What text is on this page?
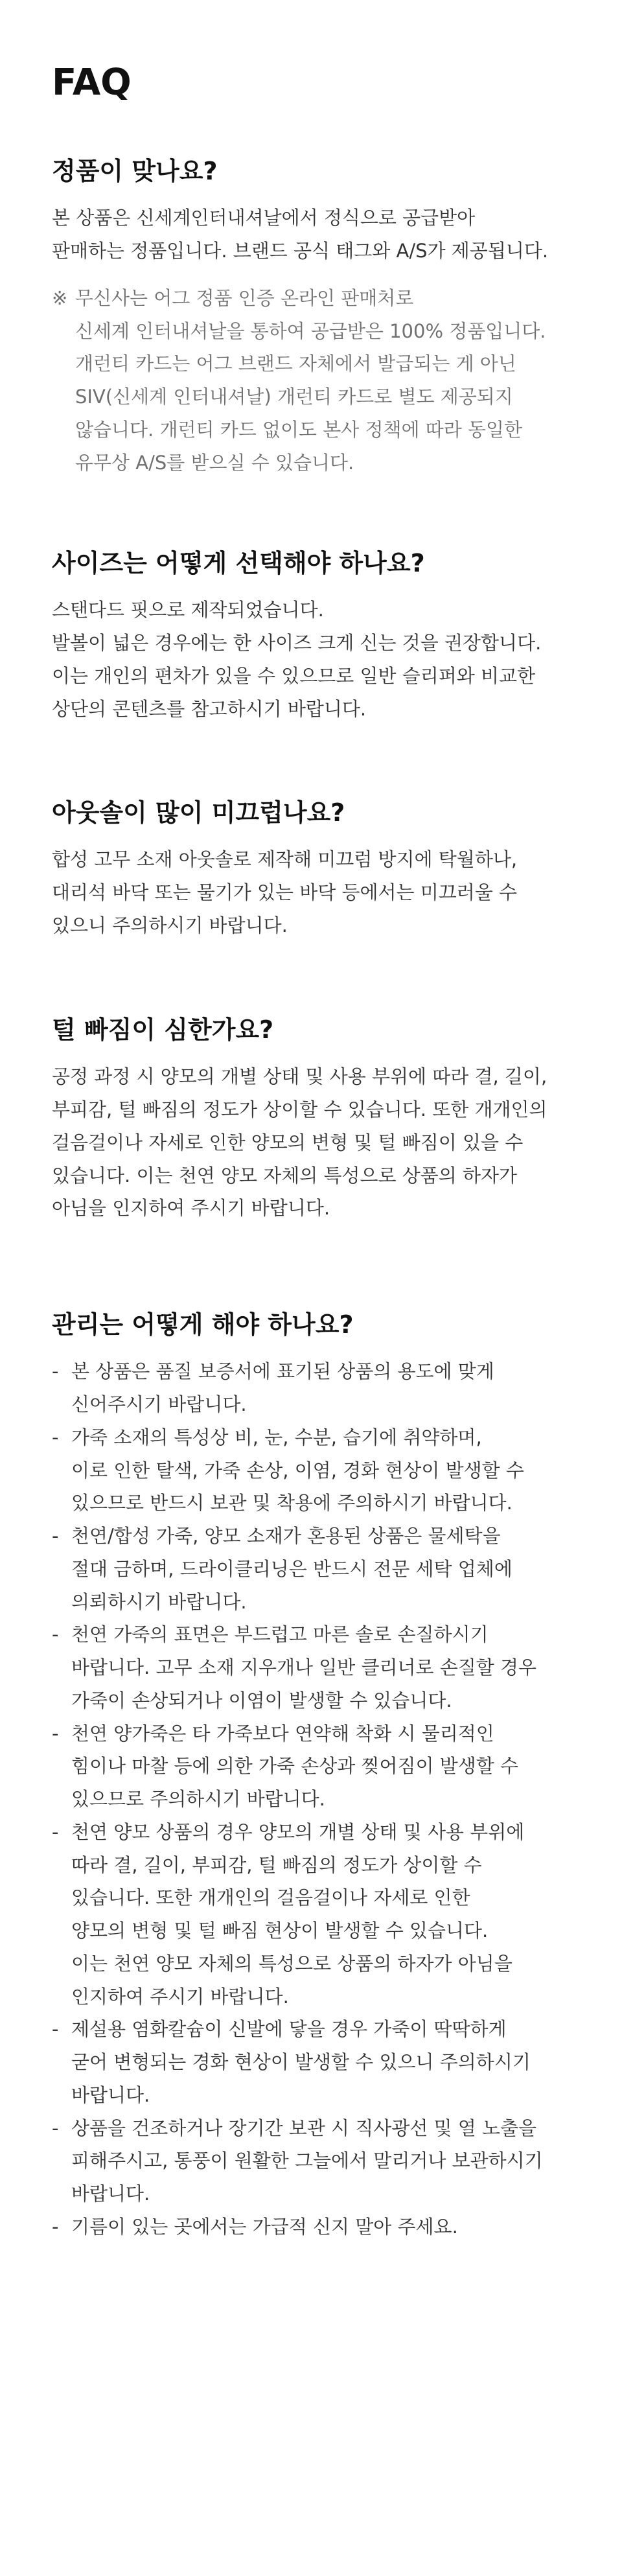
FAQ
정품이 맞나요?

본 상품은 신세계인터내셔날에서 정식으로 공급받아
판매하는 정품입니다. 브랜드 공식 태그와 A/S가 제공됩니다.

※ 무신사는 어그 정품 인증 온라인 판매처로
신세계 인터내셔날을 통하여 공급받은 100% 정품입니다.
개런티 카드는 어그 브랜드 자체에서 발급되는 게 아닌
SIV(신세계 인터내셔날) 개런티 카드로 별도 제공되지
않습니다. 개런티 카드 없이도 본사 정책에 따라 동일한
유무상 A/S를 받으실 수 있습니다.
사이즈는 어떻게 선택해야 하나요?

스탠다드 핏으로 제작되었습니다.
발볼이 넓은 경우에는 한 사이즈 크게 신는 것을 권장합니다.
이는 개인의 편차가 있을 수 있으므로 일반 슬리퍼와 비교한
상단의 콘텐츠를 참고하시기 바랍니다.

아웃솔이 많이 미끄럽나요?

합성 고무 소재 아웃솔로 제작해 미끄럼 방지에 탁월하나,
대리석 바닥 또는 물기가 있는 바닥 등에서는 미끄러울 수
있으니 주의하시기 바랍니다.

털 빠짐이 심한가요?

공정 과정 시 양모의 개별 상태 및 사용 부위에 따라 결, 길이,
부피감, 털 빠짐의 정도가 상이할 수 있습니다. 또한 개개인의
걸음걸이나 자세로 인한 양모의 변형 및 털 빠짐이 있을 수
있습니다. 이는 천연 양모 자체의 특성으로 상품의 하자가
아님을 인지하여 주시기 바랍니다.

관리는 어떻게 해야 하나요?
- 본 상품은 품질 보증서에 표기된 상품의 용도에 맞게
신어주시기 바랍니다.
- 가죽 소재의 특성상 비, 눈, 수분, 습기에 취약하며,
이로 인한 탈색, 가죽 손상, 이염, 경화 현상이 발생할 수
있으므로 반드시 보관 및 착용에 주의하시기 바랍니다.
- 천연/합성 가죽, 양모 소재가 혼용된 상품은 물세탁을
절대 금하며, 드라이클리닝은 반드시 전문 세탁 업체에
의뢰하시기 바랍니다.
- 천연 가죽의 표면은 부드럽고 마른 솔로 손질하시기
바랍니다. 고무 소재 지우개나 일반 클리너로 손질할 경우
가죽이 손상되거나 이염이 발생할 수 있습니다.
- 천연 양가죽은 타 가죽보다 연약해 착화 시 물리적인
힘이나 마찰 등에 의한 가죽 손상과 찢어짐이 발생할 수
있으므로 주의하시기 바랍니다.
- 천연 양모 상품의 경우 양모의 개별 상태 및 사용 부위에
따라 결, 길이, 부피감, 털 빠짐의 정도가 상이할 수
있습니다. 또한 개개인의 걸음걸이나 자세로 인한
양모의 변형 및 털 빠짐 현상이 발생할 수 있습니다.
이는 천연 양모 자체의 특성으로 상품의 하자가 아님을
인지하여 주시기 바랍니다.
- 제설용 염화칼슘이 신발에 닿을 경우 가죽이 딱딱하게
굳어 변형되는 경화 현상이 발생할 수 있으니 주의하시기
바랍니다.
- 상품을 건조하거나 장기간 보관 시 직사광선 및 열 노출을
피해주시고, 통풍이 원활한 그늘에서 말리거나 보관하시기
바랍니다.
- 기름이 있는 곳에서는 가급적 신지 말아 주세요.
